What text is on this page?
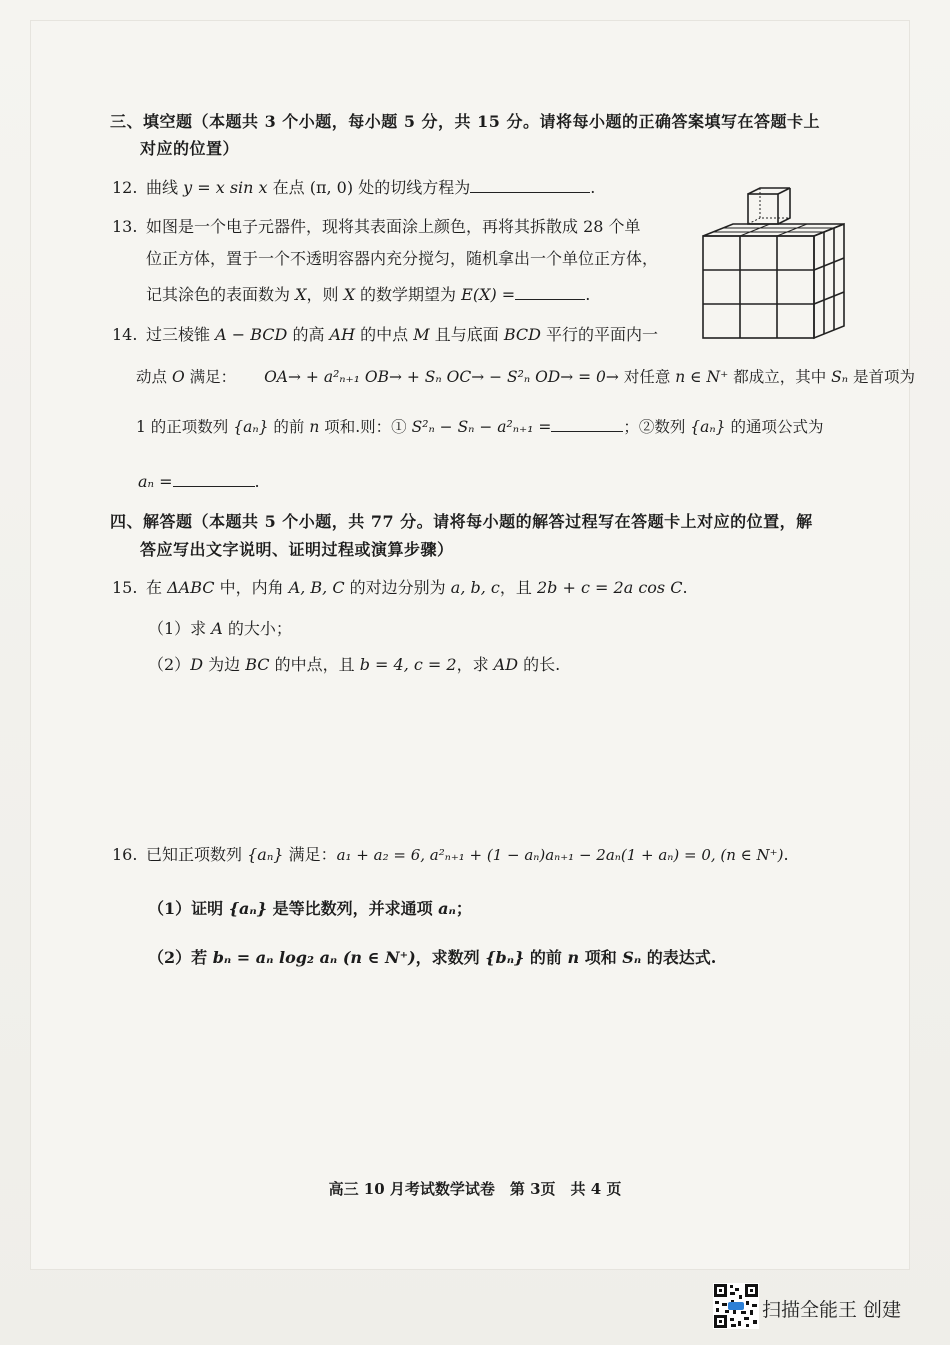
三、填空题（本题共 3 个小题，每小题 5 分，共 15 分。请将每小题的正确答案填写在答题卡上
对应的位置）
12. 曲线 y = x sin x 在点 (π, 0) 处的切线方程为	.
13. 如图是一个电子元器件，现将其表面涂上颜色，再将其拆散成 28 个单
位正方体，置于一个不透明容器内充分搅匀，随机拿出一个单位正方体，
记其涂色的表面数为 X，则 X 的数学期望为 E(X) =	.
14. 过三棱锥 A − BCD 的高 AH 的中点 M 且与底面 BCD 平行的平面内一
动点 O 满足： OA→ + a²ₙ₊₁ OB→ + Sₙ OC→ − S²ₙ OD→ = 0→ 对任意 n ∈ N⁺ 都成立，其中 Sₙ 是首项为
1 的正项数列 {aₙ} 的前 n 项和.则：① S²ₙ − Sₙ − a²ₙ₊₁ =	；②数列 {aₙ} 的通项公式为
aₙ =	.
四、解答题（本题共 5 个小题，共 77 分。请将每小题的解答过程写在答题卡上对应的位置，解
答应写出文字说明、证明过程或演算步骤）
15. 在 ΔABC 中，内角 A, B, C 的对边分别为 a, b, c，且 2b + c = 2a cos C.
（1）求 A 的大小；
（2）D 为边 BC 的中点，且 b = 4, c = 2，求 AD 的长.
16. 已知正项数列 {aₙ} 满足：a₁ + a₂ = 6, a²ₙ₊₁ + (1 − aₙ)aₙ₊₁ − 2aₙ(1 + aₙ) = 0, (n ∈ N⁺).
（1）证明 {aₙ} 是等比数列，并求通项 aₙ；
（2）若 bₙ = aₙ log₂ aₙ (n ∈ N⁺)，求数列 {bₙ} 的前 n 项和 Sₙ 的表达式.
高三 10 月考试数学试卷　第 3页　共 4 页
扫描全能王 创建
